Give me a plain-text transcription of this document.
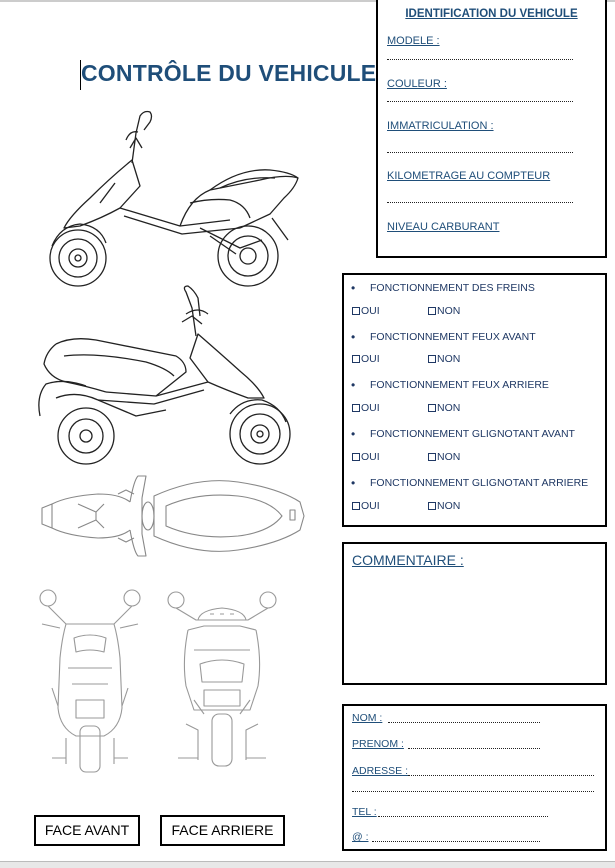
CONTRÔLE DU VEHICULE
IDENTIFICATION DU VEHICULE
MODELE :
COULEUR :
IMMATRICULATION :
KILOMETRAGE AU COMPTEUR
NIVEAU CARBURANT
• FONCTIONNEMENT DES FREINS
OUI	NON
• FONCTIONNEMENT FEUX AVANT
OUI	NON
• FONCTIONNEMENT FEUX ARRIERE
OUI	NON
• FONCTIONNEMENT GLIGNOTANT AVANT
OUI	NON
• FONCTIONNEMENT GLIGNOTANT ARRIERE
OUI	NON
COMMENTAIRE :
NOM :
PRENOM :
ADRESSE :
TEL :
@ :
FACE AVANT	FACE ARRIERE
